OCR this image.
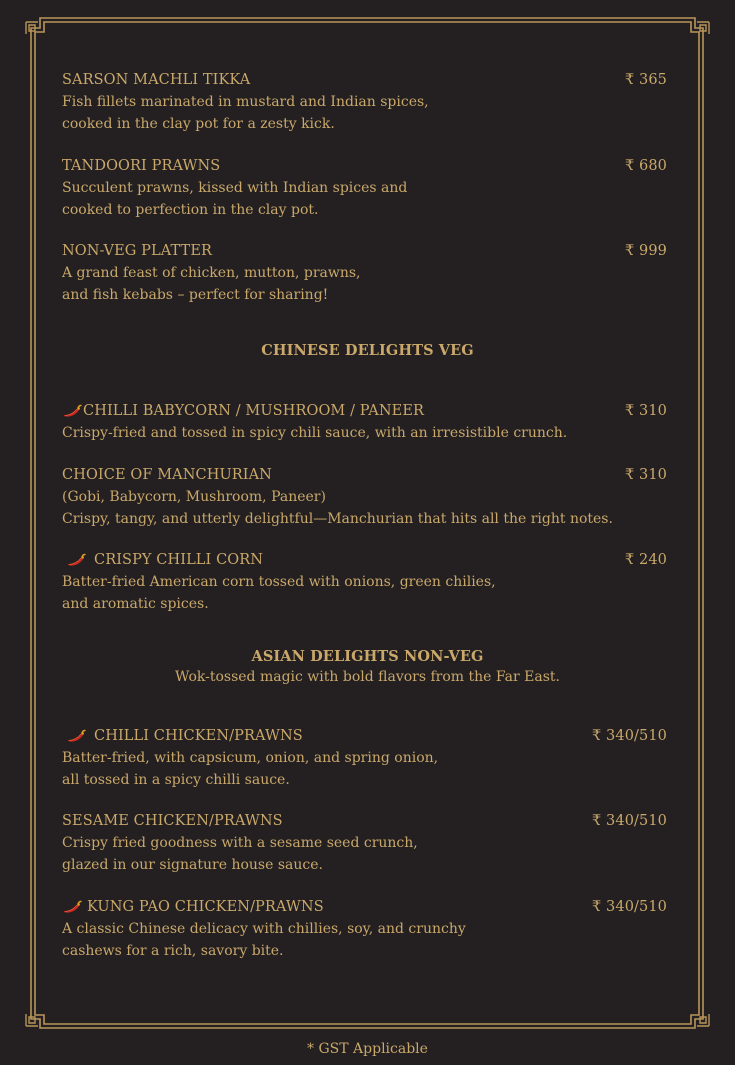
SARSON MACHLI TIKKA	₹ 365
Fish fillets marinated in mustard and Indian spices,
cooked in the clay pot for a zesty kick.
TANDOORI PRAWNS	₹ 680
Succulent prawns, kissed with Indian spices and
cooked to perfection in the clay pot.
NON-VEG PLATTER	₹ 999
A grand feast of chicken, mutton, prawns,
and fish kebabs – perfect for sharing!
CHINESE DELIGHTS VEG
CHILLI BABYCORN / MUSHROOM / PANEER	₹ 310
Crispy-fried and tossed in spicy chili sauce, with an irresistible crunch.
CHOICE OF MANCHURIAN	₹ 310
(Gobi, Babycorn, Mushroom, Paneer)
Crispy, tangy, and utterly delightful—Manchurian that hits all the right notes.
CRISPY CHILLI CORN	₹ 240
Batter-fried American corn tossed with onions, green chilies,
and aromatic spices.
ASIAN DELIGHTS NON-VEG
Wok-tossed magic with bold flavors from the Far East.
CHILLI CHICKEN/PRAWNS	₹ 340/510
Batter-fried, with capsicum, onion, and spring onion,
all tossed in a spicy chilli sauce.
SESAME CHICKEN/PRAWNS	₹ 340/510
Crispy fried goodness with a sesame seed crunch,
glazed in our signature house sauce.
KUNG PAO CHICKEN/PRAWNS	₹ 340/510
A classic Chinese delicacy with chillies, soy, and crunchy
cashews for a rich, savory bite.
* GST Applicable
